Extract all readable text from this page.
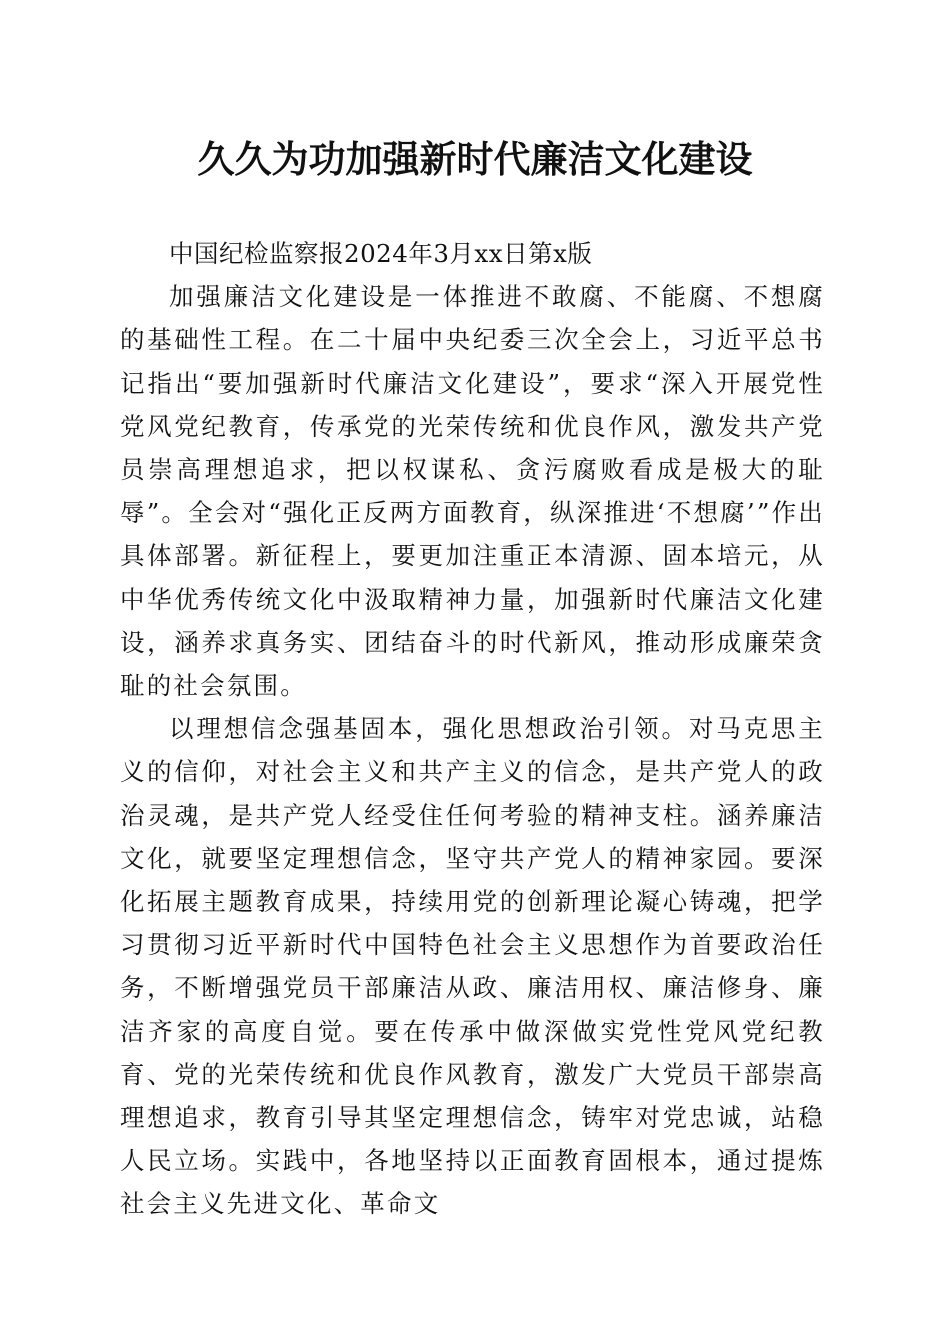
久久为功加强新时代廉洁文化建设

中国纪检监察报2024年3月xx日第x版

加强廉洁文化建设是一体推进不敢腐、不能腐、不想腐的基础性工程。在二十届中央纪委三次全会上，习近平总书记指出“要加强新时代廉洁文化建设”，要求“深入开展党性党风党纪教育，传承党的光荣传统和优良作风，激发共产党员崇高理想追求，把以权谋私、贪污腐败看成是极大的耻辱”。全会对“强化正反两方面教育，纵深推进‘不想腐’”作出具体部署。新征程上，要更加注重正本清源、固本培元，从中华优秀传统文化中汲取精神力量，加强新时代廉洁文化建设，涵养求真务实、团结奋斗的时代新风，推动形成廉荣贪耻的社会氛围。

以理想信念强基固本，强化思想政治引领。对马克思主义的信仰，对社会主义和共产主义的信念，是共产党人的政治灵魂，是共产党人经受住任何考验的精神支柱。涵养廉洁文化，就要坚定理想信念，坚守共产党人的精神家园。要深化拓展主题教育成果，持续用党的创新理论凝心铸魂，把学习贯彻习近平新时代中国特色社会主义思想作为首要政治任务，不断增强党员干部廉洁从政、廉洁用权、廉洁修身、廉洁齐家的高度自觉。要在传承中做深做实党性党风党纪教育、党的光荣传统和优良作风教育，激发广大党员干部崇高理想追求，教育引导其坚定理想信念，铸牢对党忠诚，站稳人民立场。实践中，各地坚持以正面教育固根本，通过提炼社会主义先进文化、革命文
